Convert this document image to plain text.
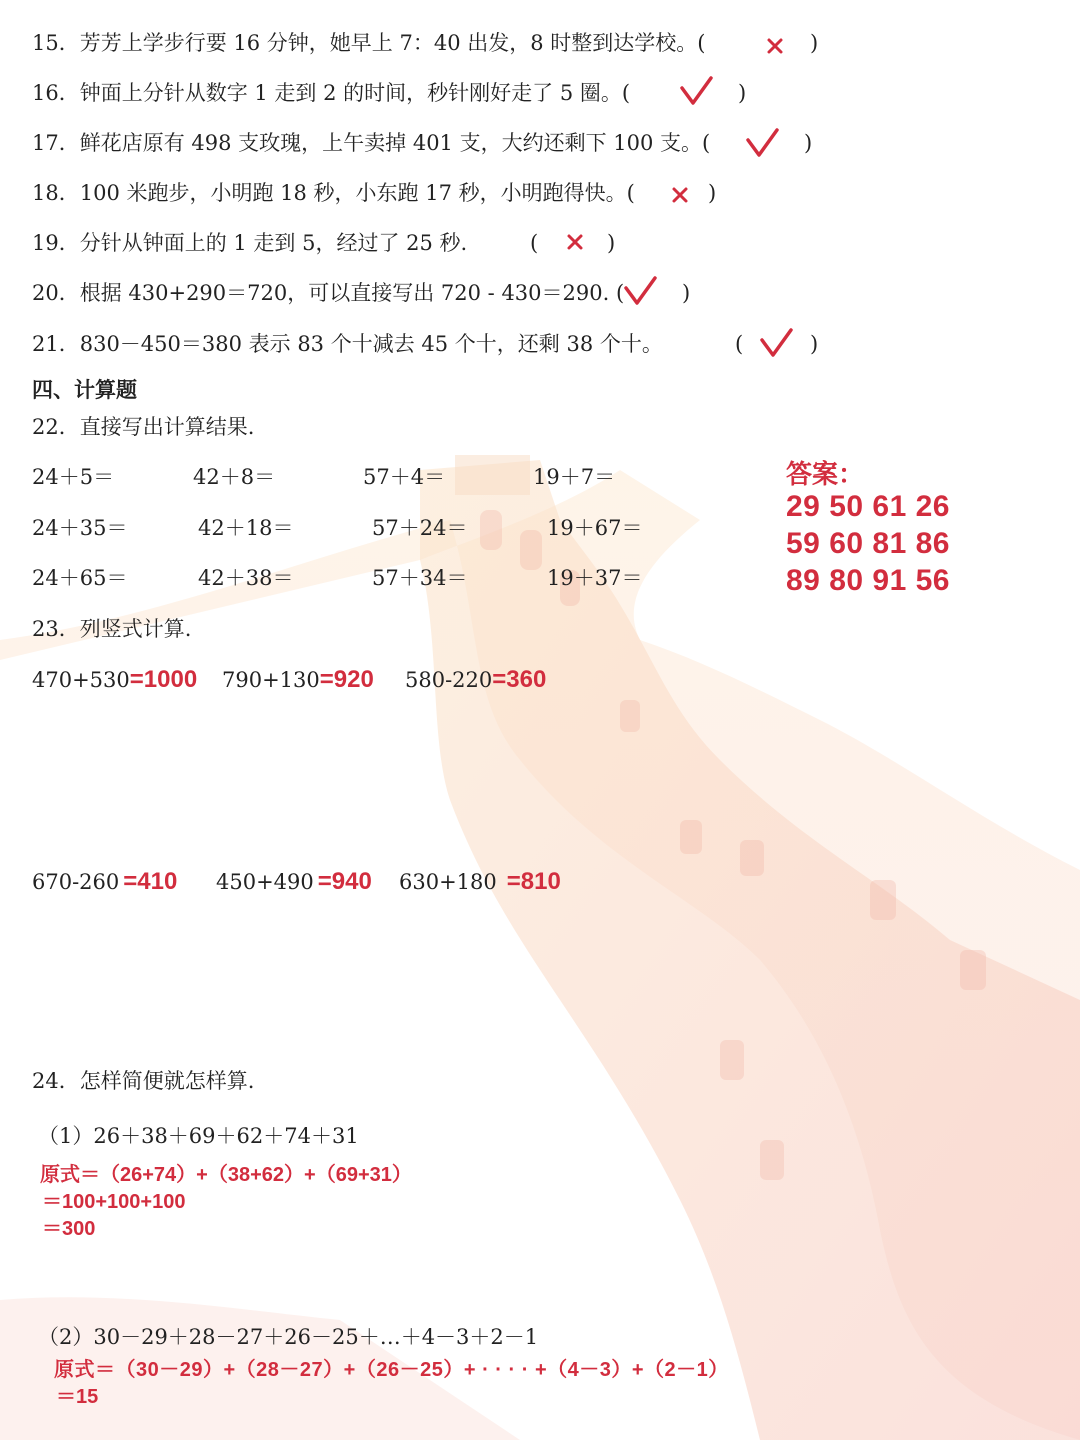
15．芳芳上学步行要 16 分钟，她早上 7：40 出发，8 时整到达学校。(	)
16．钟面上分针从数字 1 走到 2 的时间，秒针刚好走了 5 圈。(	)
17．鲜花店原有 498 支玫瑰，上午卖掉 401 支，大约还剩下 100 支。(	)
18．100 米跑步，小明跑 18 秒，小东跑 17 秒，小明跑得快。(	)
19．分针从钟面上的 1 走到 5，经过了 25 秒.	(	)
20．根据 430+290＝720，可以直接写出 720 - 430＝290. (	)
21．830－450＝380 表示 83 个十减去 45 个十，还剩 38 个十。	(	)
四、计算题
22．直接写出计算结果.
24＋5＝	42＋8＝	57＋4＝	19＋7＝
24＋35＝	42＋18＝	57＋24＝	19＋67＝
24＋65＝	42＋38＝	57＋34＝	19＋37＝
答案：
29 50 61 26
59 60 81 86
89 80 91 56
23．列竖式计算.
470+530=1000 790+130=920 580-220=360
670-260 =410 450+490 =940 630+180 =810
24．怎样简便就怎样算.
（1）26＋38＋69＋62＋74＋31
原式＝（26+74）+（38+62）+（69+31）
＝100+100+100
＝300
（2）30－29＋28－27＋26－25＋…＋4－3＋2－1
原式＝（30－29）+（28－27）+（26－25）+ · · · · +（4－3）+（2－1）
＝15
